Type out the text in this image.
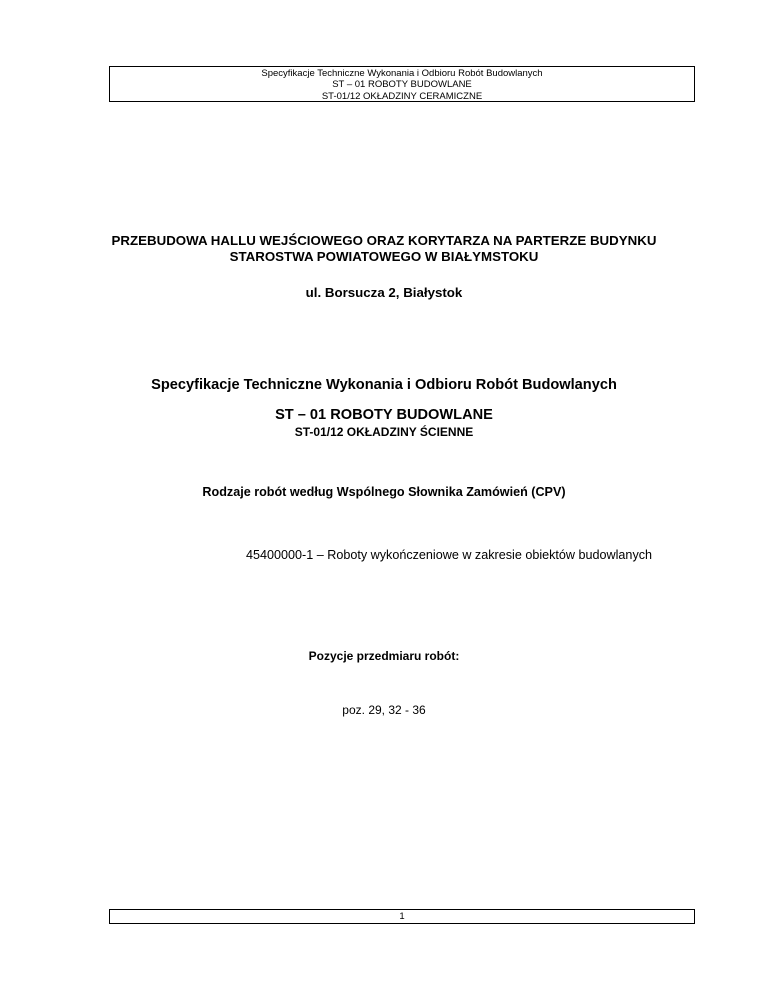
Specyfikacje Techniczne Wykonania i Odbioru Robót Budowlanych
ST – 01 ROBOTY BUDOWLANE
ST-01/12 OKŁADZINY CERAMICZNE
PRZEBUDOWA HALLU WEJŚCIOWEGO ORAZ KORYTARZA NA PARTERZE BUDYNKU
STAROSTWA POWIATOWEGO W BIAŁYMSTOKU
ul. Borsucza 2, Białystok
Specyfikacje Techniczne Wykonania i Odbioru Robót Budowlanych
ST – 01 ROBOTY BUDOWLANE
ST-01/12 OKŁADZINY ŚCIENNE
Rodzaje robót według Wspólnego Słownika Zamówień (CPV)
45400000-1 – Roboty wykończeniowe w zakresie obiektów budowlanych
Pozycje przedmiaru robót:
poz. 29, 32 - 36
1
